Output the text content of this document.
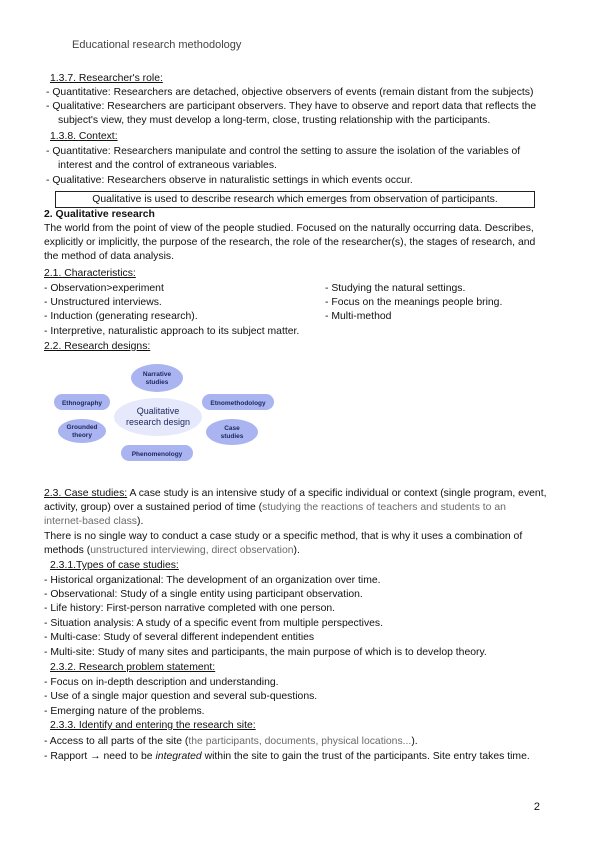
Educational research methodology
1.3.7. Researcher's role:
- Quantitative: Researchers are detached, objective observers of events (remain distant from the subjects)
- Qualitative: Researchers are participant observers. They have to observe and report data that reflects the
subject's view, they must develop a long-term, close, trusting relationship with the participants.
1.3.8. Context:
- Quantitative: Researchers manipulate and control the setting to assure the isolation of the variables of
interest and the control of extraneous variables.
- Qualitative: Researchers observe in naturalistic settings in which events occur.
Qualitative is used to describe research which emerges from observation of participants.
2. Qualitative research
The world from the point of view of the people studied. Focused on the naturally occurring data. Describes,
explicitly or implicitly, the purpose of the research, the role of the researcher(s), the stages of research, and
the method of data analysis.
2.1. Characteristics:
- Observation>experiment
- Unstructured interviews.
- Induction (generating research).
- Interpretive, naturalistic approach to its subject matter.
- Studying the natural settings.
- Focus on the meanings people bring.
- Multi-method
2.2. Research designs:
Narrative
studies
Ethnography	Etnomethodology
Qualitative
research design
Grounded
theory
Case
studies
Phenomenology
2.3. Case studies: A case study is an intensive study of a specific individual or context (single program, event,
activity, group) over a sustained period of time (studying the reactions of teachers and students to an
internet-based class).
There is no single way to conduct a case study or a specific method, that is why it uses a combination of
methods (unstructured interviewing, direct observation).
2.3.1.Types of case studies:
- Historical organizational: The development of an organization over time.
- Observational: Study of a single entity using participant observation.
- Life history: First-person narrative completed with one person.
- Situation analysis: A study of a specific event from multiple perspectives.
- Multi-case: Study of several different independent entities
- Multi-site: Study of many sites and participants, the main purpose of which is to develop theory.
2.3.2. Research problem statement:
- Focus on in-depth description and understanding.
- Use of a single major question and several sub-questions.
- Emerging nature of the problems.
2.3.3. Identify and entering the research site:
- Access to all parts of the site (the participants, documents, physical locations...).
- Rapport → need to be integrated within the site to gain the trust of the participants. Site entry takes time.
2
